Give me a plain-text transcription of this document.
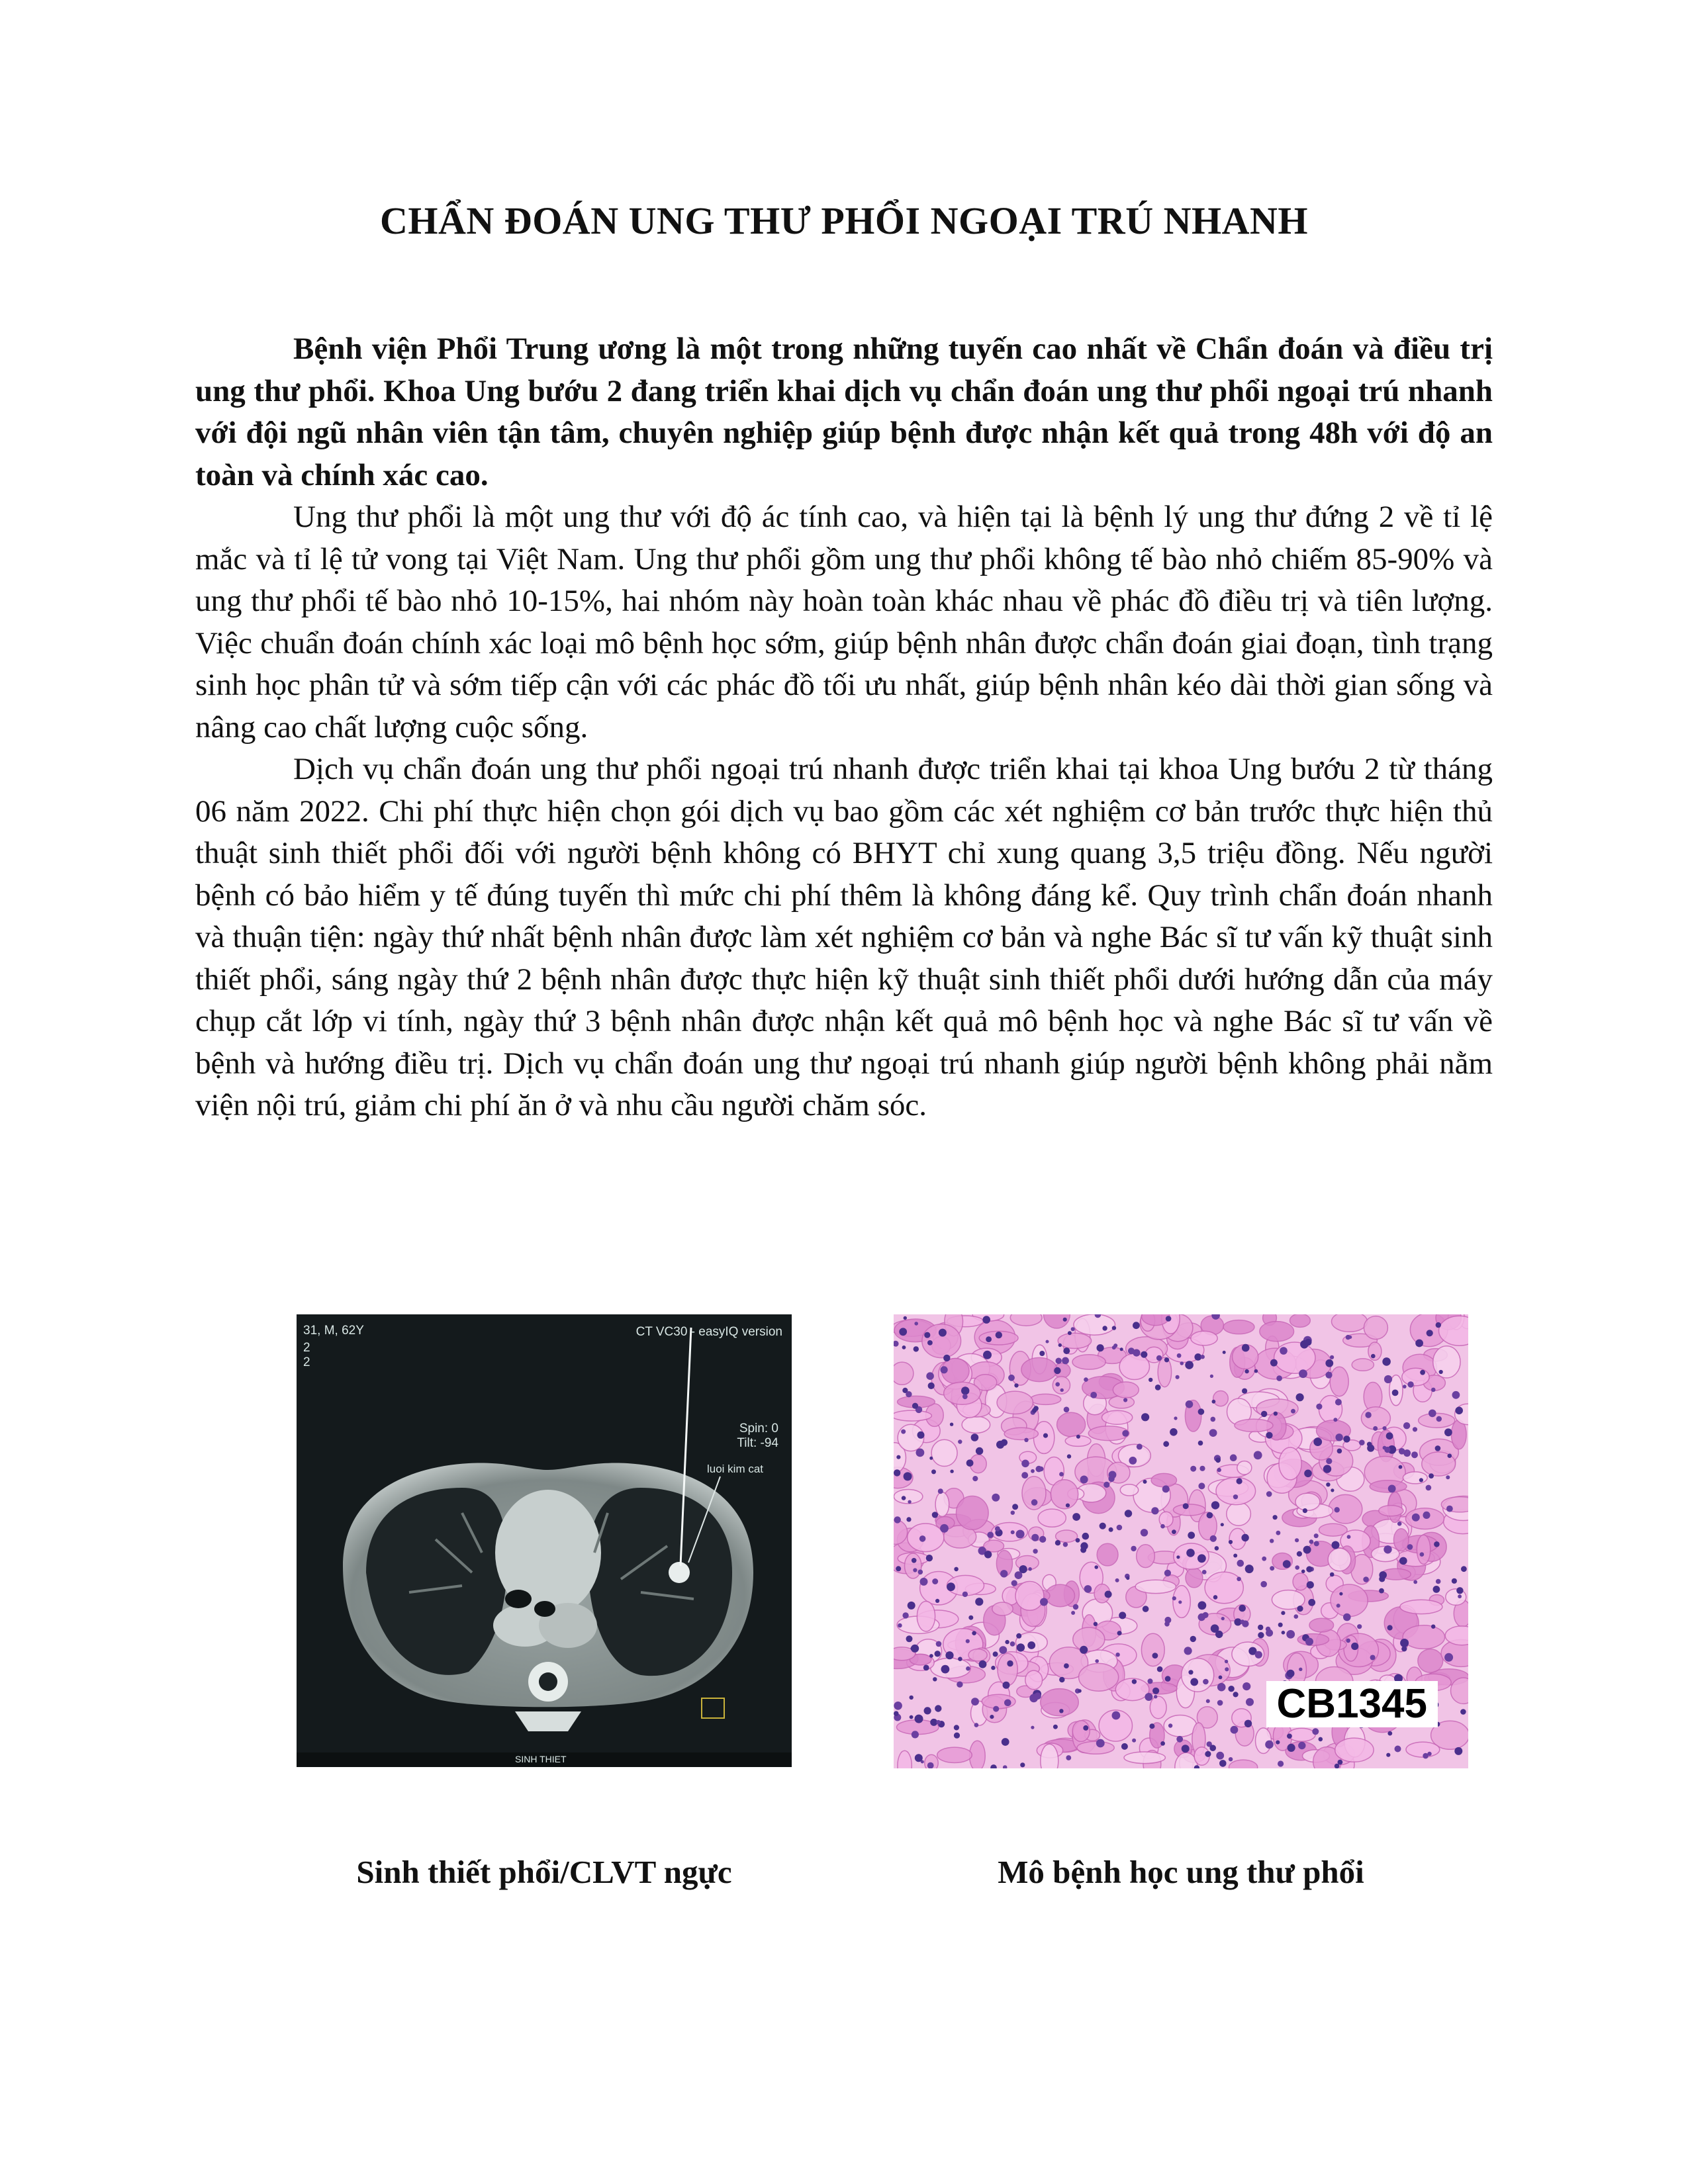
CHẨN ĐOÁN UNG THƯ PHỔI NGOẠI TRÚ NHANH

Bệnh viện Phổi Trung ương là một trong những tuyến cao nhất về Chẩn đoán và điều trị ung thư phổi. Khoa Ung bướu 2 đang triển khai dịch vụ chẩn đoán ung thư phổi ngoại trú nhanh với đội ngũ nhân viên tận tâm, chuyên nghiệp giúp bệnh được nhận kết quả trong 48h với độ an toàn và chính xác cao.

Ung thư phổi là một ung thư với độ ác tính cao, và hiện tại là bệnh lý ung thư đứng 2 về tỉ lệ mắc và tỉ lệ tử vong tại Việt Nam. Ung thư phổi gồm ung thư phổi không tế bào nhỏ chiếm 85-90% và ung thư phổi tế bào nhỏ 10-15%, hai nhóm này hoàn toàn khác nhau về phác đồ điều trị và tiên lượng. Việc chuẩn đoán chính xác loại mô bệnh học sớm, giúp bệnh nhân được chẩn đoán giai đoạn, tình trạng sinh học phân tử và sớm tiếp cận với các phác đồ tối ưu nhất, giúp bệnh nhân kéo dài thời gian sống và nâng cao chất lượng cuộc sống.

Dịch vụ chẩn đoán ung thư phổi ngoại trú nhanh được triển khai tại khoa Ung bướu 2 từ tháng 06 năm 2022. Chi phí thực hiện chọn gói dịch vụ bao gồm các xét nghiệm cơ bản trước thực hiện thủ thuật sinh thiết phổi đối với người bệnh không có BHYT chỉ xung quang 3,5 triệu đồng. Nếu người bệnh có bảo hiểm y tế đúng tuyến thì mức chi phí thêm là không đáng kể. Quy trình chẩn đoán nhanh và thuận tiện: ngày thứ nhất bệnh nhân được làm xét nghiệm cơ bản và nghe Bác sĩ tư vấn kỹ thuật sinh thiết phổi, sáng ngày thứ 2 bệnh nhân được thực hiện kỹ thuật sinh thiết phổi dưới hướng dẫn của máy chụp cắt lớp vi tính, ngày thứ 3 bệnh nhân được nhận kết quả mô bệnh học và nghe Bác sĩ tư vấn về bệnh và hướng điều trị. Dịch vụ chẩn đoán ung thư ngoại trú nhanh giúp người bệnh không phải nằm viện nội trú, giảm chi phí ăn ở và nhu cầu người chăm sóc.

31, M, 62Y
2
2
CT VC30 - easyIQ version
Spin: 0
Tilt: -94
luoi kim cat
SINH THIET
CB1345
Sinh thiết phổi/CLVT ngực	Mô bệnh học ung thư phổi
